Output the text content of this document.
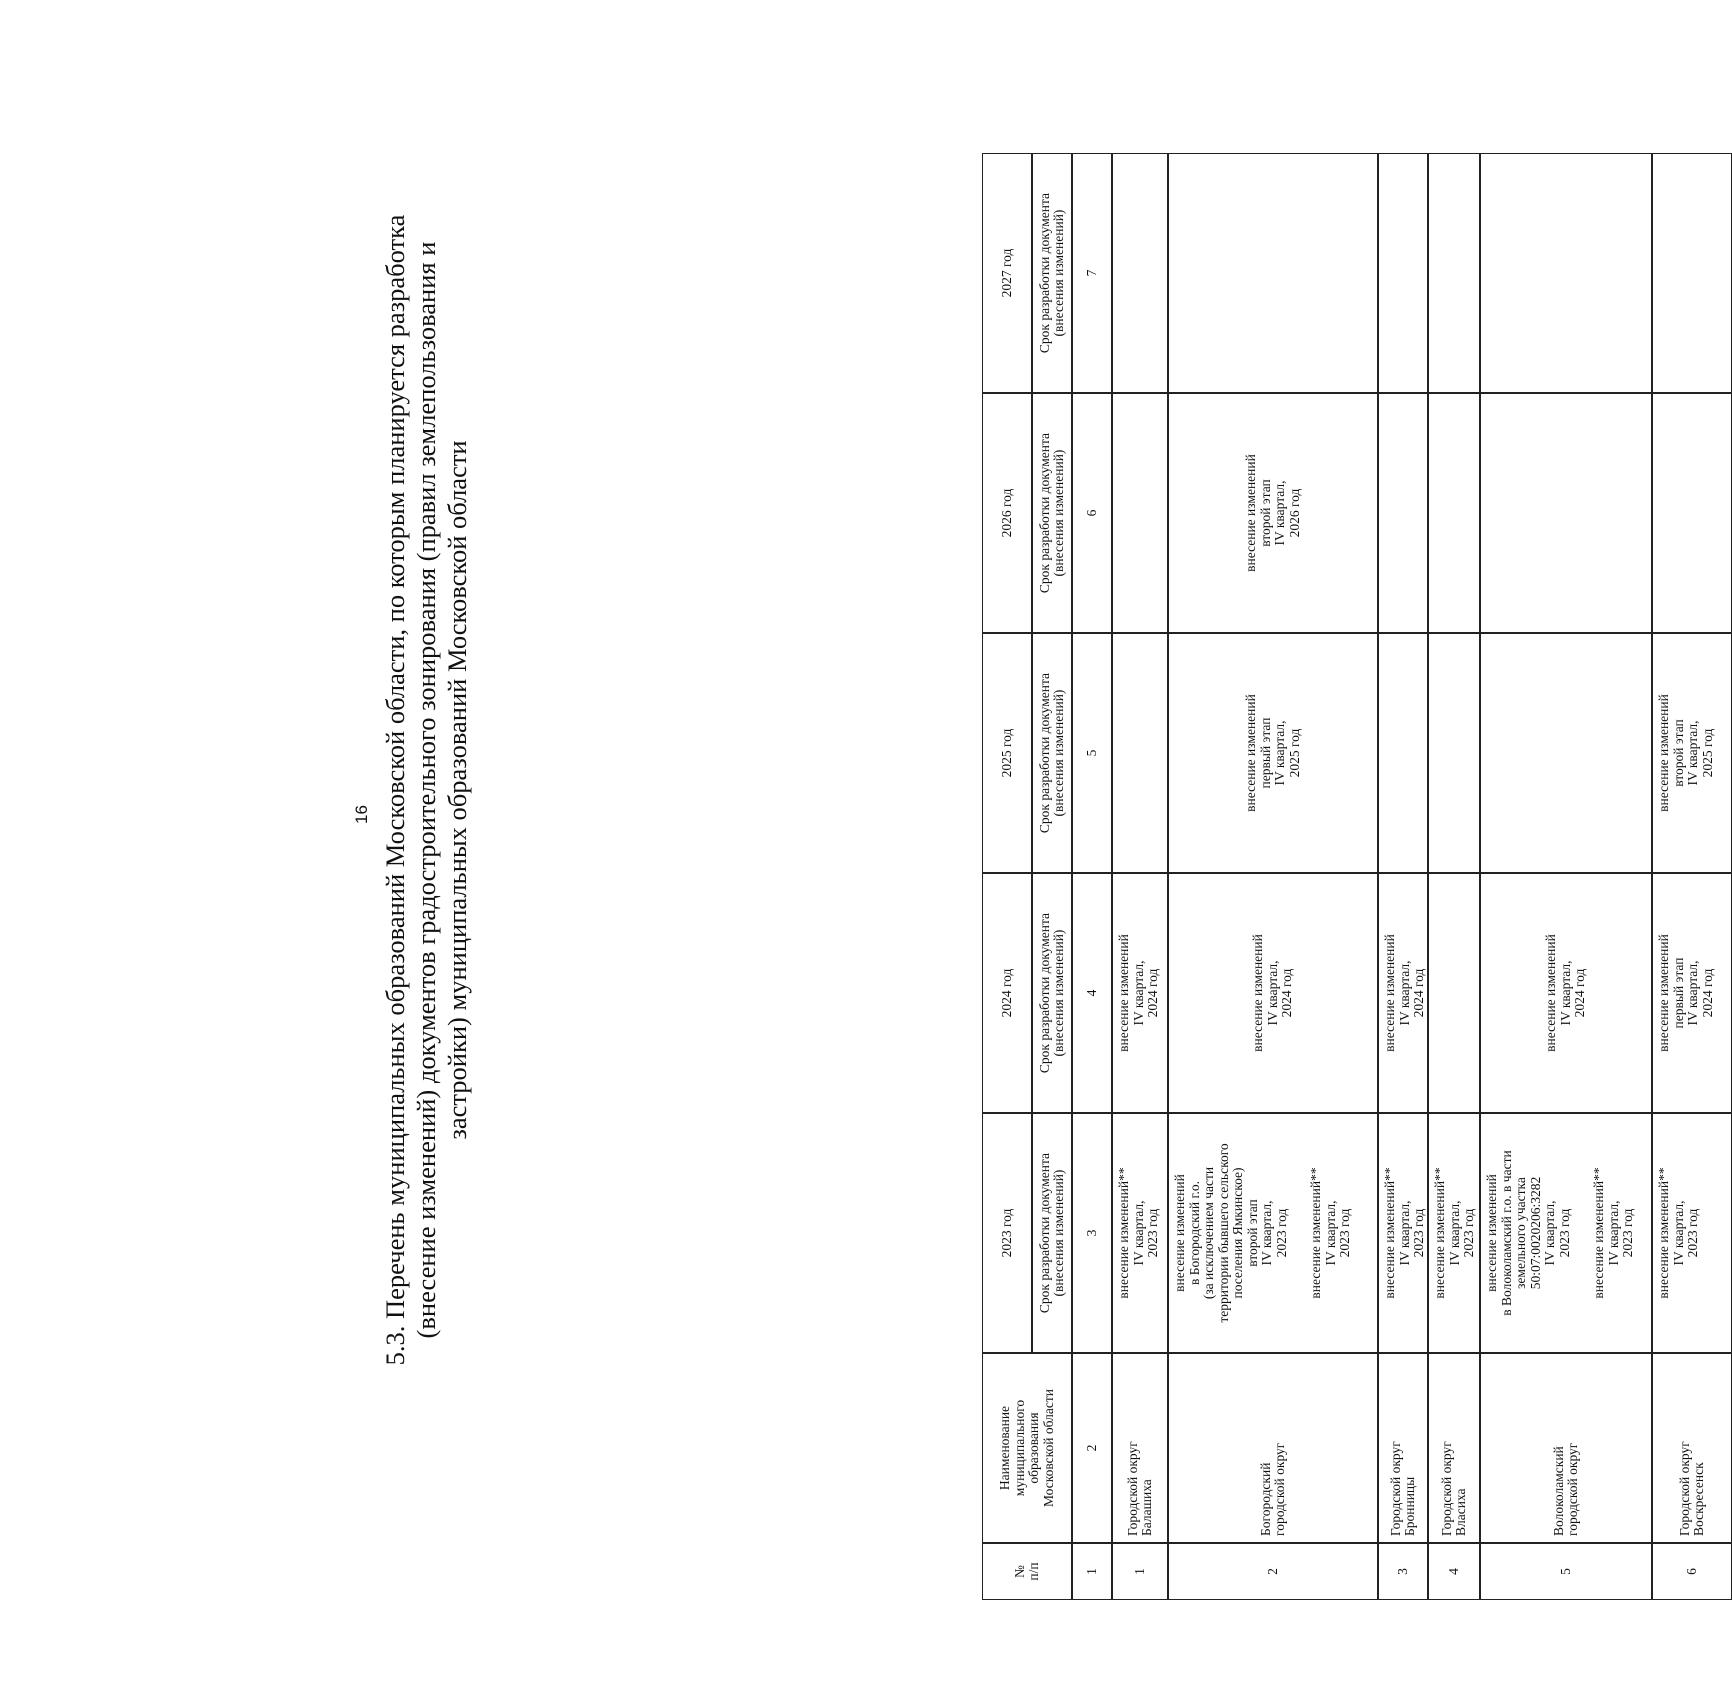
16 5.3. Перечень муниципальных образований Московской области, по которым планируется разработка (внесение изменений) документов градостроительного зонирования (правил землепользования и застройки) муниципальных образований Московской области
№
п/п
Наименование
муниципального
образования
Московской области
2023 год
2024 год
2025 год
2026 год
2027 год
Срок разработки документа
(внесения изменений)
Срок разработки документа
(внесения изменений)
Срок разработки документа
(внесения изменений)
Срок разработки документа
(внесения изменений)
Срок разработки документа
(внесения изменений)
1
2
3
4
5
6
7
1
Городской округ
Балашиха
внесение изменений**
IV квартал,
2023 год
внесение изменений
IV квартал,
2024 год
2
Богородский
городской округ
внесение изменений
в Богородский г.о.
(за исключением части
территории бывшего сельского
поселения Ямкинское)
второй этап
IV квартал,
2023 год
внесение изменений**
IV квартал,
2023 год
внесение изменений
IV квартал,
2024 год
внесение изменений
первый этап
IV квартал,
2025 год
внесение изменений
второй этап
IV квартал,
2026 год
3
Городской округ
Бронницы
внесение изменений**
IV квартал,
2023 год
внесение изменений
IV квартал,
2024 год
4
Городской округ
Власиха
внесение изменений**
IV квартал,
2023 год
5
Волоколамский
городской округ
внесение изменений
в Волоколамский г.о. в части
земельного участка
50:07:0020206:3282
IV квартал,
2023 год
внесение изменений**
IV квартал,
2023 год
внесение изменений
IV квартал,
2024 год
6
Городской округ
Воскресенск
внесение изменений**
IV квартал,
2023 год
внесение изменений
первый этап
IV квартал,
2024 год
внесение изменений
второй этап
IV квартал,
2025 год
